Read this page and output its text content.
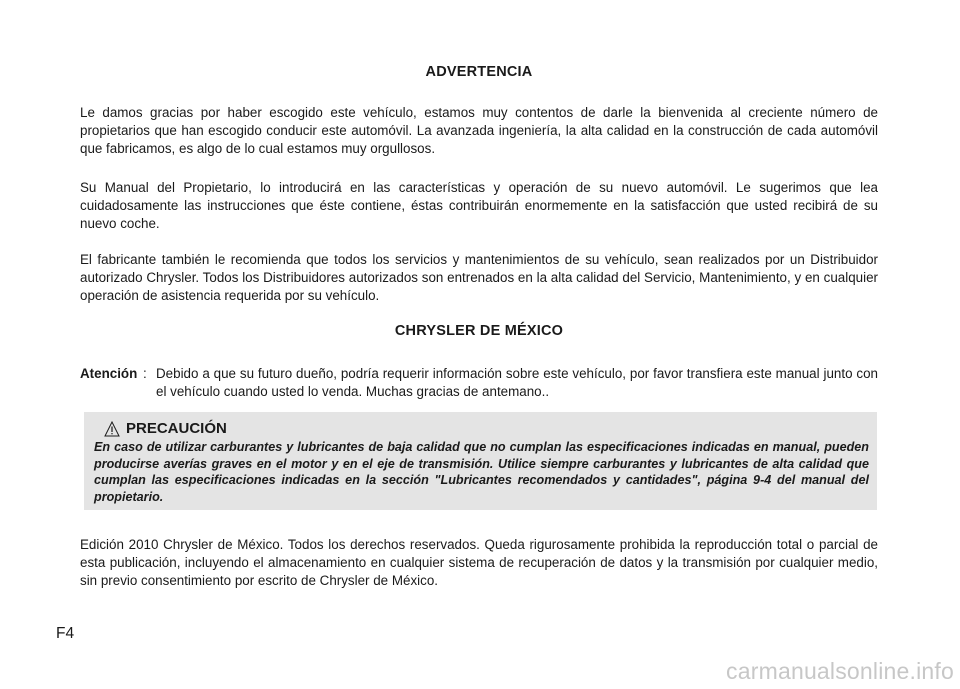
ADVERTENCIA

Le damos gracias por haber escogido este vehículo, estamos muy contentos de darle la bienvenida al creciente número de propietarios que han escogido conducir este automóvil. La avanzada ingeniería, la alta calidad en la construcción de cada automóvil que fabricamos, es algo de lo cual estamos muy orgullosos.

Su Manual del Propietario, lo introducirá en las características y operación de su nuevo automóvil. Le sugerimos que lea cuidadosamente las instrucciones que éste contiene, éstas contribuirán enormemente en la satisfacción que usted recibirá de su nuevo coche.

El fabricante también le recomienda que todos los servicios y mantenimientos de su vehículo, sean realizados por un Distribuidor autorizado Chrysler. Todos los Distribuidores autorizados son entrenados en la alta calidad del Servicio, Mantenimiento, y en cualquier operación de asistencia requerida por su vehículo.

CHRYSLER DE MÉXICO
Atención : Debido a que su futuro dueño, podría requerir información sobre este vehículo, por favor transfiera este manual junto con el vehículo cuando usted lo venda. Muchas gracias de antemano..
PRECAUCIÓN
En caso de utilizar carburantes y lubricantes de baja calidad que no cumplan las especificaciones indicadas en manual, pueden producirse averías graves en el motor y en el eje de transmisión. Utilice siempre carburantes y lubricantes de alta calidad que cumplan las especificaciones indicadas en la sección "Lubricantes recomendados y cantidades", página 9-4 del manual del propietario.

Edición 2010 Chrysler de México. Todos los derechos reservados. Queda rigurosamente prohibida la reproducción total o parcial de esta publicación, incluyendo el almacenamiento en cualquier sistema de recuperación de datos y la transmisión por cualquier medio, sin previo consentimiento por escrito de Chrysler de México.

F4
carmanualsonline.info
